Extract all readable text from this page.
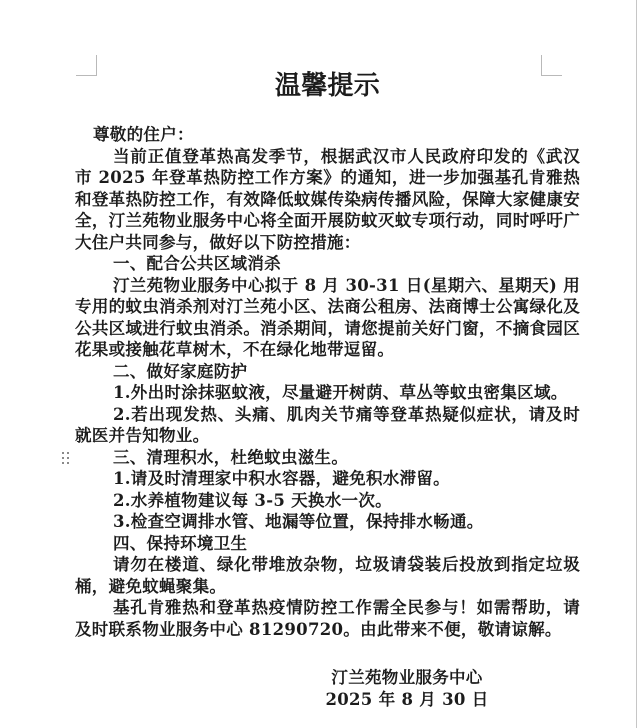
温馨提示

尊敬的住户：

当前正值登革热高发季节，根据武汉市人民政府印发的《武汉市 2025 年登革热防控工作方案》的通知，进一步加强基孔肯雅热和登革热防控工作，有效降低蚊媒传染病传播风险，保障大家健康安全，汀兰苑物业服务中心将全面开展防蚊灭蚊专项行动，同时呼吁广大住户共同参与，做好以下防控措施：

一、配合公共区域消杀

汀兰苑物业服务中心拟于 8 月 30-31 日(星期六、星期天) 用专用的蚊虫消杀剂对汀兰苑小区、法商公租房、法商博士公寓绿化及公共区域进行蚊虫消杀。消杀期间，请您提前关好门窗，不摘食园区花果或接触花草树木，不在绿化地带逗留。

二、做好家庭防护

1.外出时涂抹驱蚊液，尽量避开树荫、草丛等蚊虫密集区域。

2.若出现发热、头痛、肌肉关节痛等登革热疑似症状，请及时就医并告知物业。

三、清理积水，杜绝蚊虫滋生。

1.请及时清理家中积水容器，避免积水滞留。

2.水养植物建议每 3-5 天换水一次。

3.检查空调排水管、地漏等位置，保持排水畅通。

四、保持环境卫生

请勿在楼道、绿化带堆放杂物，垃圾请袋装后投放到指定垃圾桶，避免蚊蝇聚集。

基孔肯雅热和登革热疫情防控工作需全民参与！如需帮助，请及时联系物业服务中心 81290720。由此带来不便，敬请谅解。

汀兰苑物业服务中心

2025 年 8 月 30 日
